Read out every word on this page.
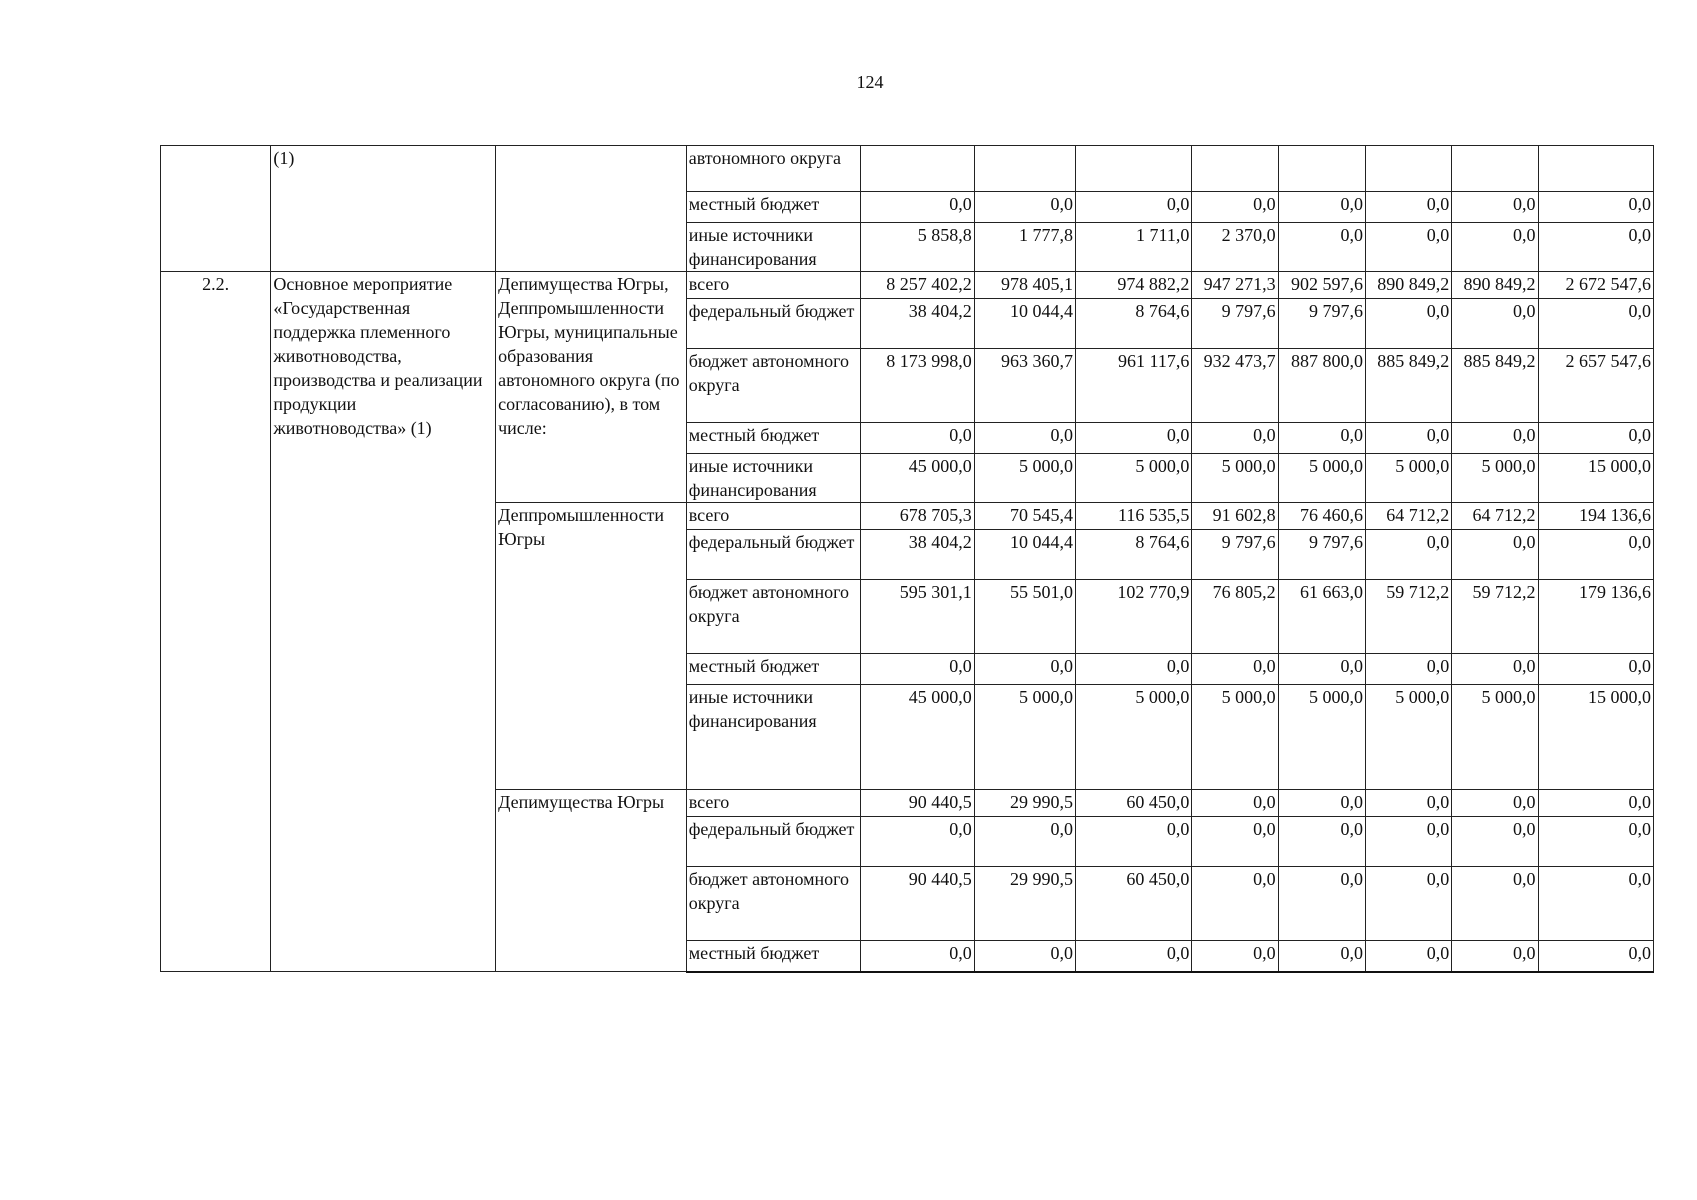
124
	(1)		автономного округа								
			местный бюджет	0,0	0,0	0,0	0,0	0,0	0,0	0,0	0,0
			иные источники финансирования	5 858,8	1 777,8	1 711,0	2 370,0	0,0	0,0	0,0	0,0
2.2.	Основное мероприятие «Государственная поддержка племенного животноводства, производства и реализации продукции животноводства» (1)	Депимущества Югры, Деппромышленности Югры, муниципальные образования автономного округа (по согласованию), в том числе:	всего	8 257 402,2	978 405,1	974 882,2	947 271,3	902 597,6	890 849,2	890 849,2	2 672 547,6
			федеральный бюджет	38 404,2	10 044,4	8 764,6	9 797,6	9 797,6	0,0	0,0	0,0
			бюджет автономного округа	8 173 998,0	963 360,7	961 117,6	932 473,7	887 800,0	885 849,2	885 849,2	2 657 547,6
			местный бюджет	0,0	0,0	0,0	0,0	0,0	0,0	0,0	0,0
			иные источники финансирования	45 000,0	5 000,0	5 000,0	5 000,0	5 000,0	5 000,0	5 000,0	15 000,0
		Деппромышленности Югры	всего	678 705,3	70 545,4	116 535,5	91 602,8	76 460,6	64 712,2	64 712,2	194 136,6
			федеральный бюджет	38 404,2	10 044,4	8 764,6	9 797,6	9 797,6	0,0	0,0	0,0
			бюджет автономного округа	595 301,1	55 501,0	102 770,9	76 805,2	61 663,0	59 712,2	59 712,2	179 136,6
			местный бюджет	0,0	0,0	0,0	0,0	0,0	0,0	0,0	0,0
			иные источники финансирования	45 000,0	5 000,0	5 000,0	5 000,0	5 000,0	5 000,0	5 000,0	15 000,0
		Депимущества Югры	всего	90 440,5	29 990,5	60 450,0	0,0	0,0	0,0	0,0	0,0
			федеральный бюджет	0,0	0,0	0,0	0,0	0,0	0,0	0,0	0,0
			бюджет автономного округа	90 440,5	29 990,5	60 450,0	0,0	0,0	0,0	0,0	0,0
			местный бюджет	0,0	0,0	0,0	0,0	0,0	0,0	0,0	0,0
